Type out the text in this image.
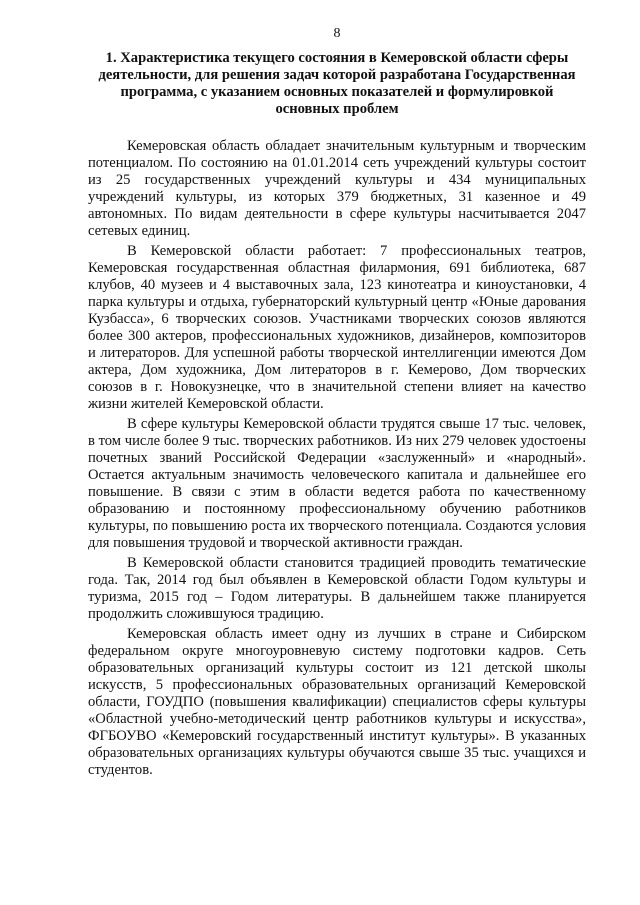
8
1. Характеристика текущего состояния в Кемеровской области сферы деятельности, для решения задач которой разработана Государственная программа, с указанием основных показателей и формулировкой основных проблем

Кемеровская область обладает значительным культурным и творческим потенциалом. По состоянию на 01.01.2014 сеть учреждений культуры состоит из 25 государственных учреждений культуры и 434 муниципальных учреждений культуры, из которых 379 бюджетных, 31 казенное и 49 автономных. По видам деятельности в сфере культуры насчитывается 2047 сетевых единиц.

В Кемеровской области работает: 7 профессиональных театров, Кемеровская государственная областная филармония, 691 библиотека, 687 клубов, 40 музеев и 4 выставочных зала, 123 кинотеатра и киноустановки, 4 парка культуры и отдыха, губернаторский культурный центр «Юные дарования Кузбасса», 6 творческих союзов. Участниками творческих союзов являются более 300 актеров, профессиональных художников, дизайнеров, композиторов и литераторов. Для успешной работы творческой интеллигенции имеются Дом актера, Дом художника, Дом литераторов в г. Кемерово, Дом творческих союзов в г. Новокузнецке, что в значительной степени влияет на качество жизни жителей Кемеровской области.

В сфере культуры Кемеровской области трудятся свыше 17 тыс. человек, в том числе более 9 тыс. творческих работников. Из них 279 человек удостоены почетных званий Российской Федерации «заслуженный» и «народный». Остается актуальным значимость человеческого капитала и дальнейшее его повышение. В связи с этим в области ведется работа по качественному образованию и постоянному профессиональному обучению работников культуры, по повышению роста их творческого потенциала. Создаются условия для повышения трудовой и творческой активности граждан.

В Кемеровской области становится традицией проводить тематические года. Так, 2014 год был объявлен в Кемеровской области Годом культуры и туризма, 2015 год – Годом литературы. В дальнейшем также планируется продолжить сложившуюся традицию.

Кемеровская область имеет одну из лучших в стране и Сибирском федеральном округе многоуровневую систему подготовки кадров. Сеть образовательных организаций культуры состоит из 121 детской школы искусств, 5 профессиональных образовательных организаций Кемеровской области, ГОУДПО (повышения квалификации) специалистов сферы культуры «Областной учебно-методический центр работников культуры и искусства», ФГБОУВО «Кемеровский государственный институт культуры». В указанных образовательных организациях культуры обучаются свыше 35 тыс. учащихся и студентов.
